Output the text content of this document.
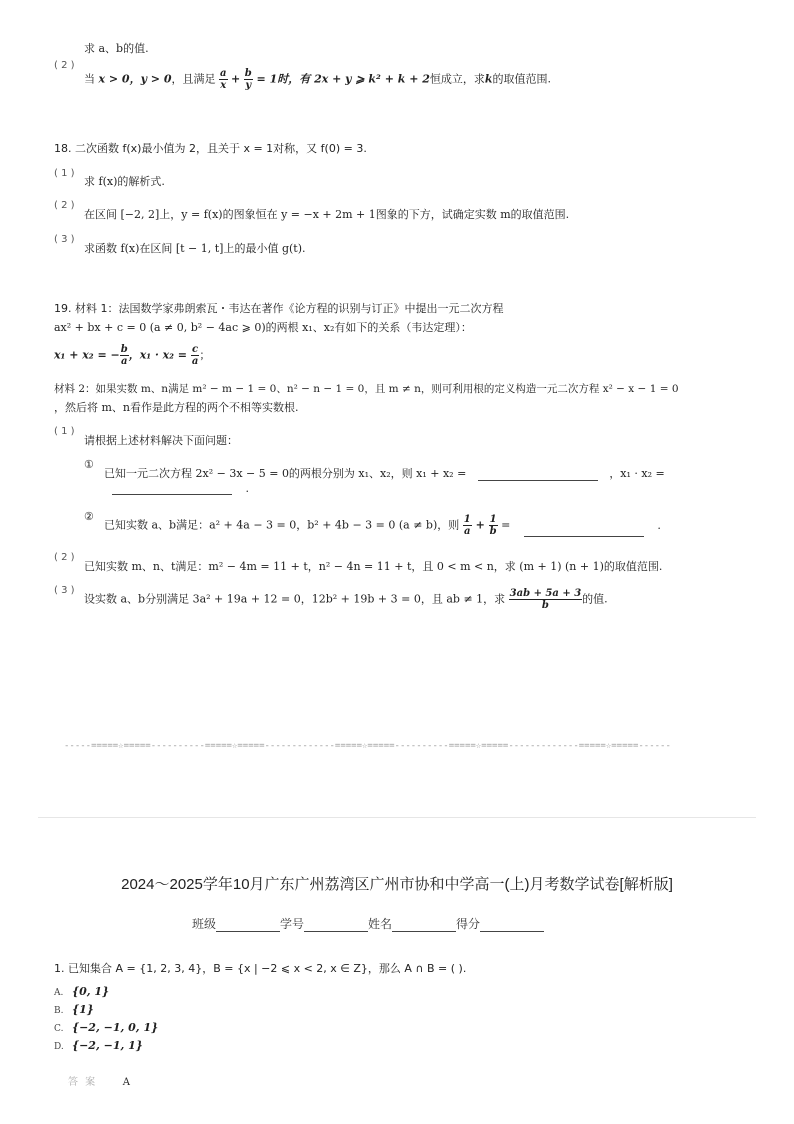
求 a、b的值.
( 2 )
当 x > 0，y > 0，且满足 $\frac{a}{x} + \frac{b}{y} = 1$时，有 2x + y ⩾ k² + k + 2恒成立，求k的取值范围.
18. 二次函数 f(x)最小值为 2，且关于 x = 1对称，又 f(0) = 3.
( 1 )
求 f(x)的解析式.
( 2 )
在区间 [−2, 2]上，y = f(x)的图象恒在 y = −x + 2m + 1图象的下方，试确定实数 m的取值范围.
( 3 )
求函数 f(x)在区间 [t − 1, t]上的最小值 g(t).
19. 材料 1：法国数学家弗朗索瓦・韦达在著作《论方程的识别与订正》中提出一元二次方程
ax² + bx + c = 0 (a ≠ 0, b² − 4ac ⩾ 0)的两根 x₁、x₂有如下的关系（韦达定理）：
x₁ + x₂ = − $\frac{b}{a}$ ，$x_1 \cdot x_2 = \frac{c}{a}$ ；
材料 2：如果实数 m、n满足 m² − m − 1 = 0、n² − n − 1 = 0，且 m ≠ n，则可利用根的定义构造一元二次方程 x² − x − 1 = 0
，然后将 m、n看作是此方程的两个不相等实数根.
( 1 )
请根据上述材料解决下面问题：
①
已知一元二次方程 2x² − 3x − 5 = 0的两根分别为 x₁、x₂，则 x₁ + x₂ =	，x₁ · x₂ =
.
②
已知实数 a、b满足：a² + 4a − 3 = 0，b² + 4b − 3 = 0 (a ≠ b)，则 $\frac{1}{a} + \frac{1}{b}$ =	.
( 2 )
已知实数 m、n、t满足：m² − 4m = 11 + t，n² − 4n = 11 + t，且 0 < m < n，求 (m + 1) (n + 1)的取值范围.
( 3 )
设实数 a、b分别满足 3a² + 19a + 12 = 0，12b² + 19b + 3 = 0，且 ab ≠ 1，求 $\frac{3ab + 5a + 3}{b}$ 的值.
-----=====☆=====----------=====☆=====-------------=====☆=====----------=====☆=====-------------=====☆=====------
2024～2025学年10月广东广州荔湾区广州市协和中学高一(上)月考数学试卷[解析版]
班级	学号	姓名	得分
1. 已知集合 A = {1, 2, 3, 4}，B = {x | −2 ⩽ x < 2, x ∈ Z}，那么 A ∩ B = ( ).
A. {0, 1}
B. {1}
C. {−2, −1, 0, 1}
D. {−2, −1, 1}
答 案	A
